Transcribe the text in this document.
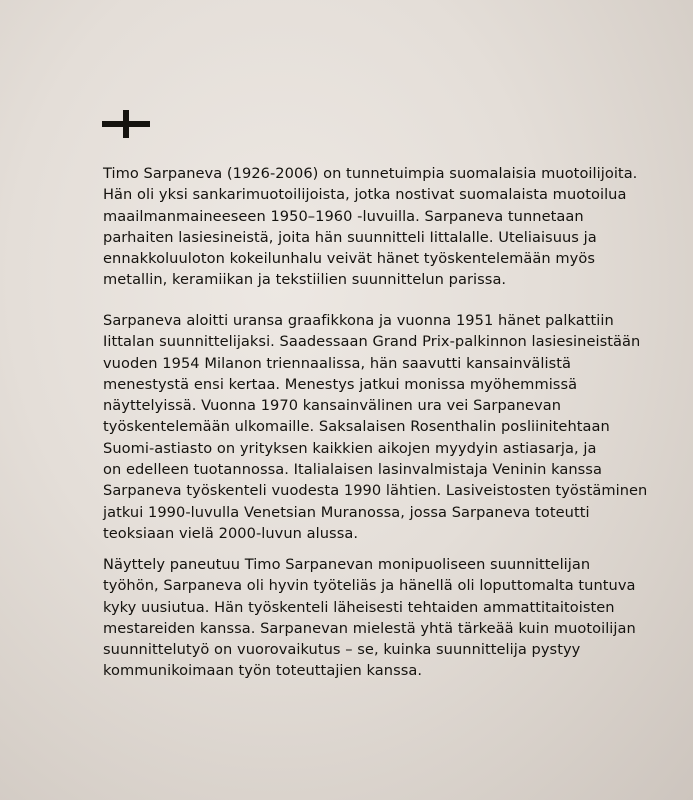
Timo Sarpaneva (1926-2006) on tunnetuimpia suomalaisia muotoilijoita.
Hän oli yksi sankarimuotoilijoista, jotka nostivat suomalaista muotoilua
maailmanmaineeseen 1950–1960 -luvuilla. Sarpaneva tunnetaan
parhaiten lasiesineistä, joita hän suunnitteli Iittalalle. Uteliaisuus ja
ennakkoluuloton kokeilunhalu veivät hänet työskentelemään myös
metallin, keramiikan ja tekstiilien suunnittelun parissa.
Sarpaneva aloitti uransa graafikkona ja vuonna 1951 hänet palkattiin
Iittalan suunnittelijaksi. Saadessaan Grand Prix-palkinnon lasiesineistään
vuoden 1954 Milanon triennaalissa, hän saavutti kansainvälistä
menestystä ensi kertaa. Menestys jatkui monissa myöhemmissä
näyttelyissä. Vuonna 1970 kansainvälinen ura vei Sarpanevan
työskentelemään ulkomaille. Saksalaisen Rosenthalin posliinitehtaan
Suomi-astiasto on yrityksen kaikkien aikojen myydyin astiasarja, ja
on edelleen tuotannossa. Italialaisen lasinvalmistaja Veninin kanssa
Sarpaneva työskenteli vuodesta 1990 lähtien. Lasiveistosten työstäminen
jatkui 1990-luvulla Venetsian Muranossa, jossa Sarpaneva toteutti
teoksiaan vielä 2000-luvun alussa.
Näyttely paneutuu Timo Sarpanevan monipuoliseen suunnittelijan
työhön, Sarpaneva oli hyvin työteliäs ja hänellä oli loputtomalta tuntuva
kyky uusiutua. Hän työskenteli läheisesti tehtaiden ammattitaitoisten
mestareiden kanssa. Sarpanevan mielestä yhtä tärkeää kuin muotoilijan
suunnittelutyö on vuorovaikutus – se, kuinka suunnittelija pystyy
kommunikoimaan työn toteuttajien kanssa.
